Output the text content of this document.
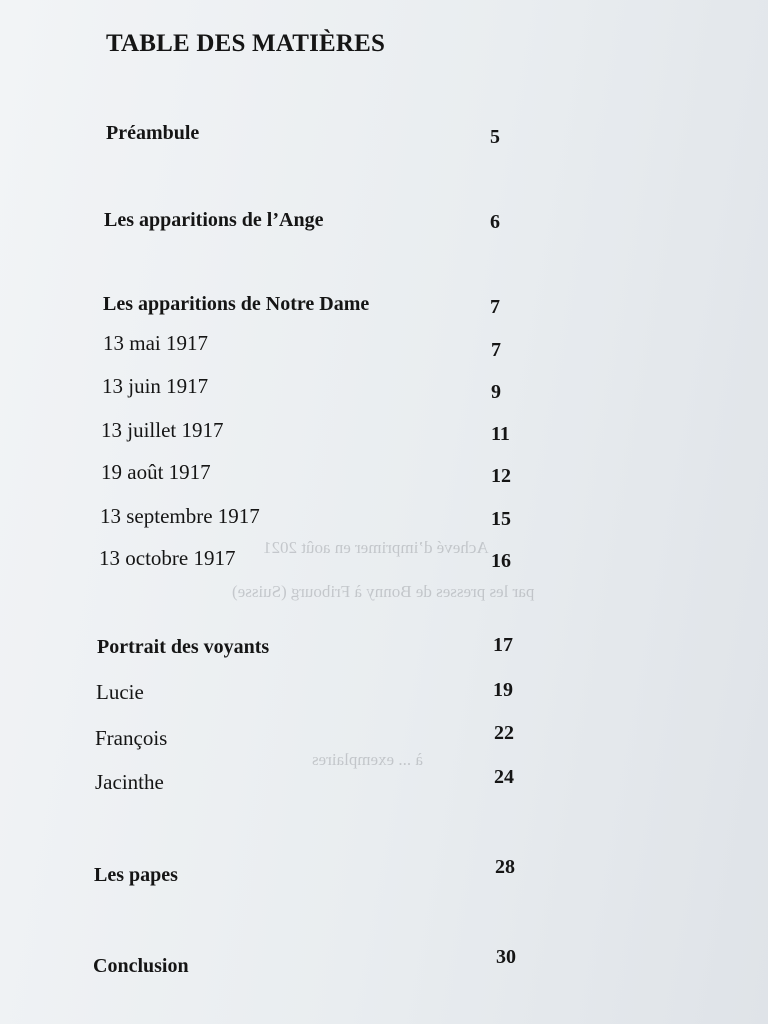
TABLE DES MATIÈRES
Achevé d’imprimer en août 2021
par les presses de Bonny à Fribourg (Suisse)
à ... exemplaires
Préambule	5
Les apparitions de l’Ange	6
Les apparitions de Notre Dame	7
13 mai 1917	7
13 juin 1917	9
13 juillet 1917	11
19 août 1917	12
13 septembre 1917	15
13 octobre 1917	16
Portrait des voyants	17
Lucie	19
François	22
Jacinthe	24
Les papes	28
Conclusion	30
